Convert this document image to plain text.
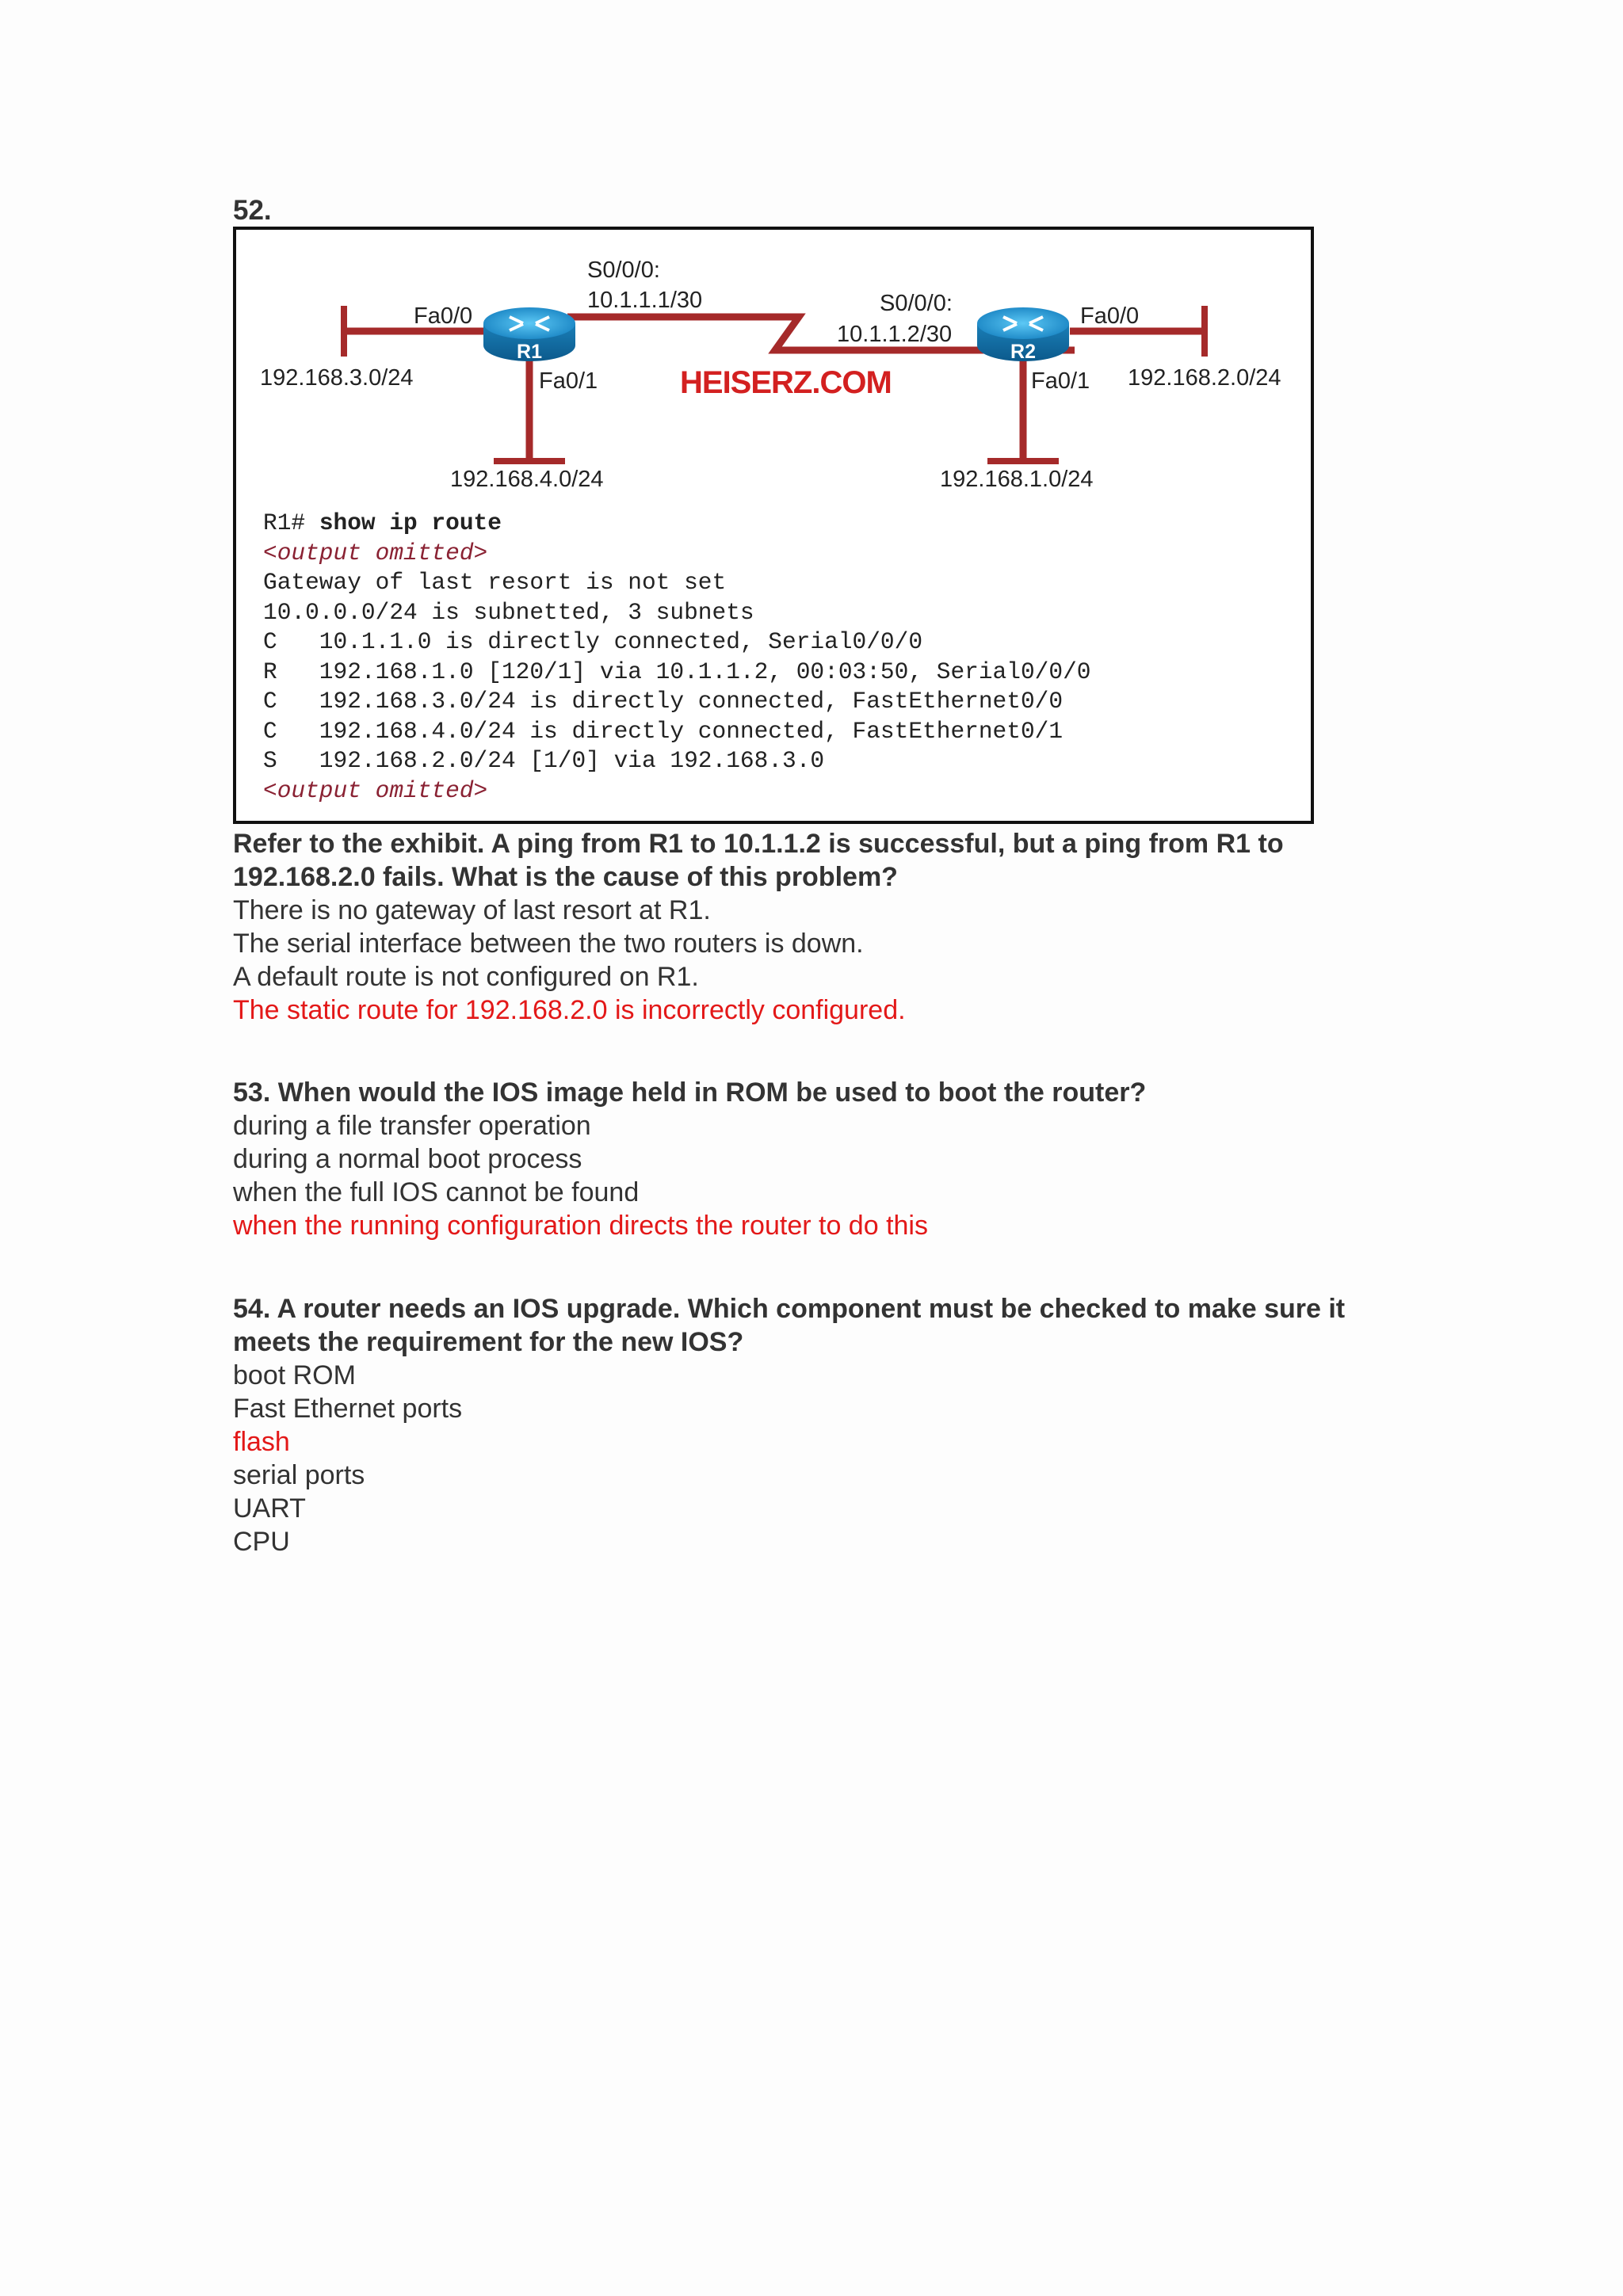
52.
R1	R2
S0/0/0:
10.1.1.1/30	S0/0/0:
10.1.1.2/30
Fa0/0
Fa0/1
Fa0/0
Fa0/1
192.168.3.0/24
192.168.4.0/24
192.168.2.0/24
192.168.1.0/24
HEISERZ.COM
R1# show ip route
<output omitted>
Gateway of last resort is not set
10.0.0.0/24 is subnetted, 3 subnets
C   10.1.1.0 is directly connected, Serial0/0/0
R   192.168.1.0 [120/1] via 10.1.1.2, 00:03:50, Serial0/0/0
C   192.168.3.0/24 is directly connected, FastEthernet0/0
C   192.168.4.0/24 is directly connected, FastEthernet0/1
S   192.168.2.0/24 [1/0] via 192.168.3.0
<output omitted>
Refer to the exhibit. A ping from R1 to 10.1.1.2 is successful, but a ping from R1 to 192.168.2.0 fails. What is the cause of this problem?
There is no gateway of last resort at R1.
The serial interface between the two routers is down.
A default route is not configured on R1.
The static route for 192.168.2.0 is incorrectly configured.
53. When would the IOS image held in ROM be used to boot the router?
during a file transfer operation
during a normal boot process
when the full IOS cannot be found
when the running configuration directs the router to do this
54. A router needs an IOS upgrade. Which component must be checked to make sure it meets the requirement for the new IOS?
boot ROM
Fast Ethernet ports
flash
serial ports
UART
CPU
